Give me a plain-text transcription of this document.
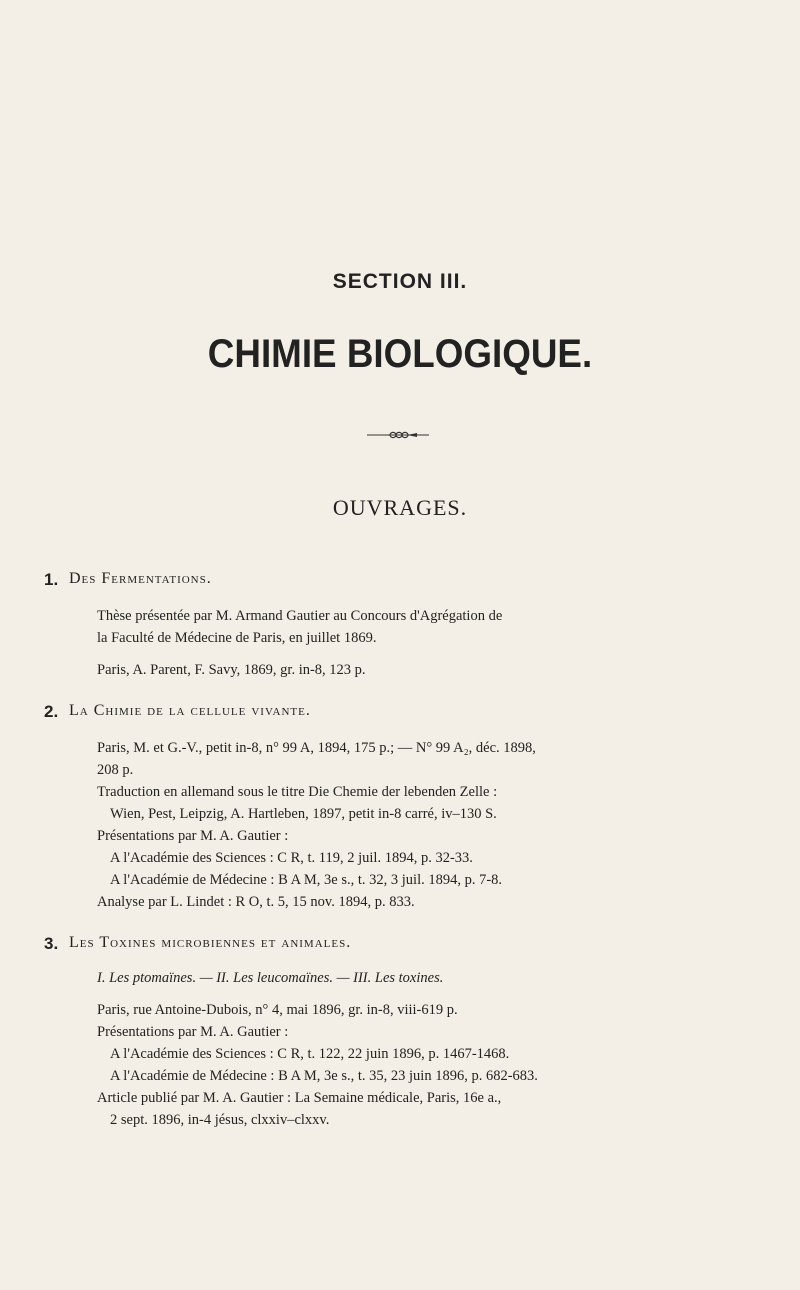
SECTION III.
CHIMIE BIOLOGIQUE.
OUVRAGES.
1. Des Fermentations.
Thèse présentée par M. Armand Gautier au Concours d'Agrégation de
la Faculté de Médecine de Paris, en juillet 1869.
Paris, A. Parent, F. Savy, 1869, gr. in-8, 123 p.
2. La Chimie de la cellule vivante.
Paris, M. et G.-V., petit in-8, n° 99 A, 1894, 175 p.; — N° 99 A₂, déc. 1898,
208 p.
Traduction en allemand sous le titre Die Chemie der lebenden Zelle :
Wien, Pest, Leipzig, A. Hartleben, 1897, petit in-8 carré, iv–130 S.
Présentations par M. A. Gautier :
A l'Académie des Sciences : C R, t. 119, 2 juil. 1894, p. 32-33.
A l'Académie de Médecine : B A M, 3e s., t. 32, 3 juil. 1894, p. 7-8.
Analyse par L. Lindet : R O, t. 5, 15 nov. 1894, p. 833.
3. Les Toxines microbiennes et animales.
I. Les ptomaïnes. — II. Les leucomaïnes. — III. Les toxines.
Paris, rue Antoine-Dubois, n° 4, mai 1896, gr. in-8, viii-619 p.
Présentations par M. A. Gautier :
A l'Académie des Sciences : C R, t. 122, 22 juin 1896, p. 1467-1468.
A l'Académie de Médecine : B A M, 3e s., t. 35, 23 juin 1896, p. 682-683.
Article publié par M. A. Gautier : La Semaine médicale, Paris, 16e a.,
2 sept. 1896, in-4 jésus, clxxiv–clxxv.
